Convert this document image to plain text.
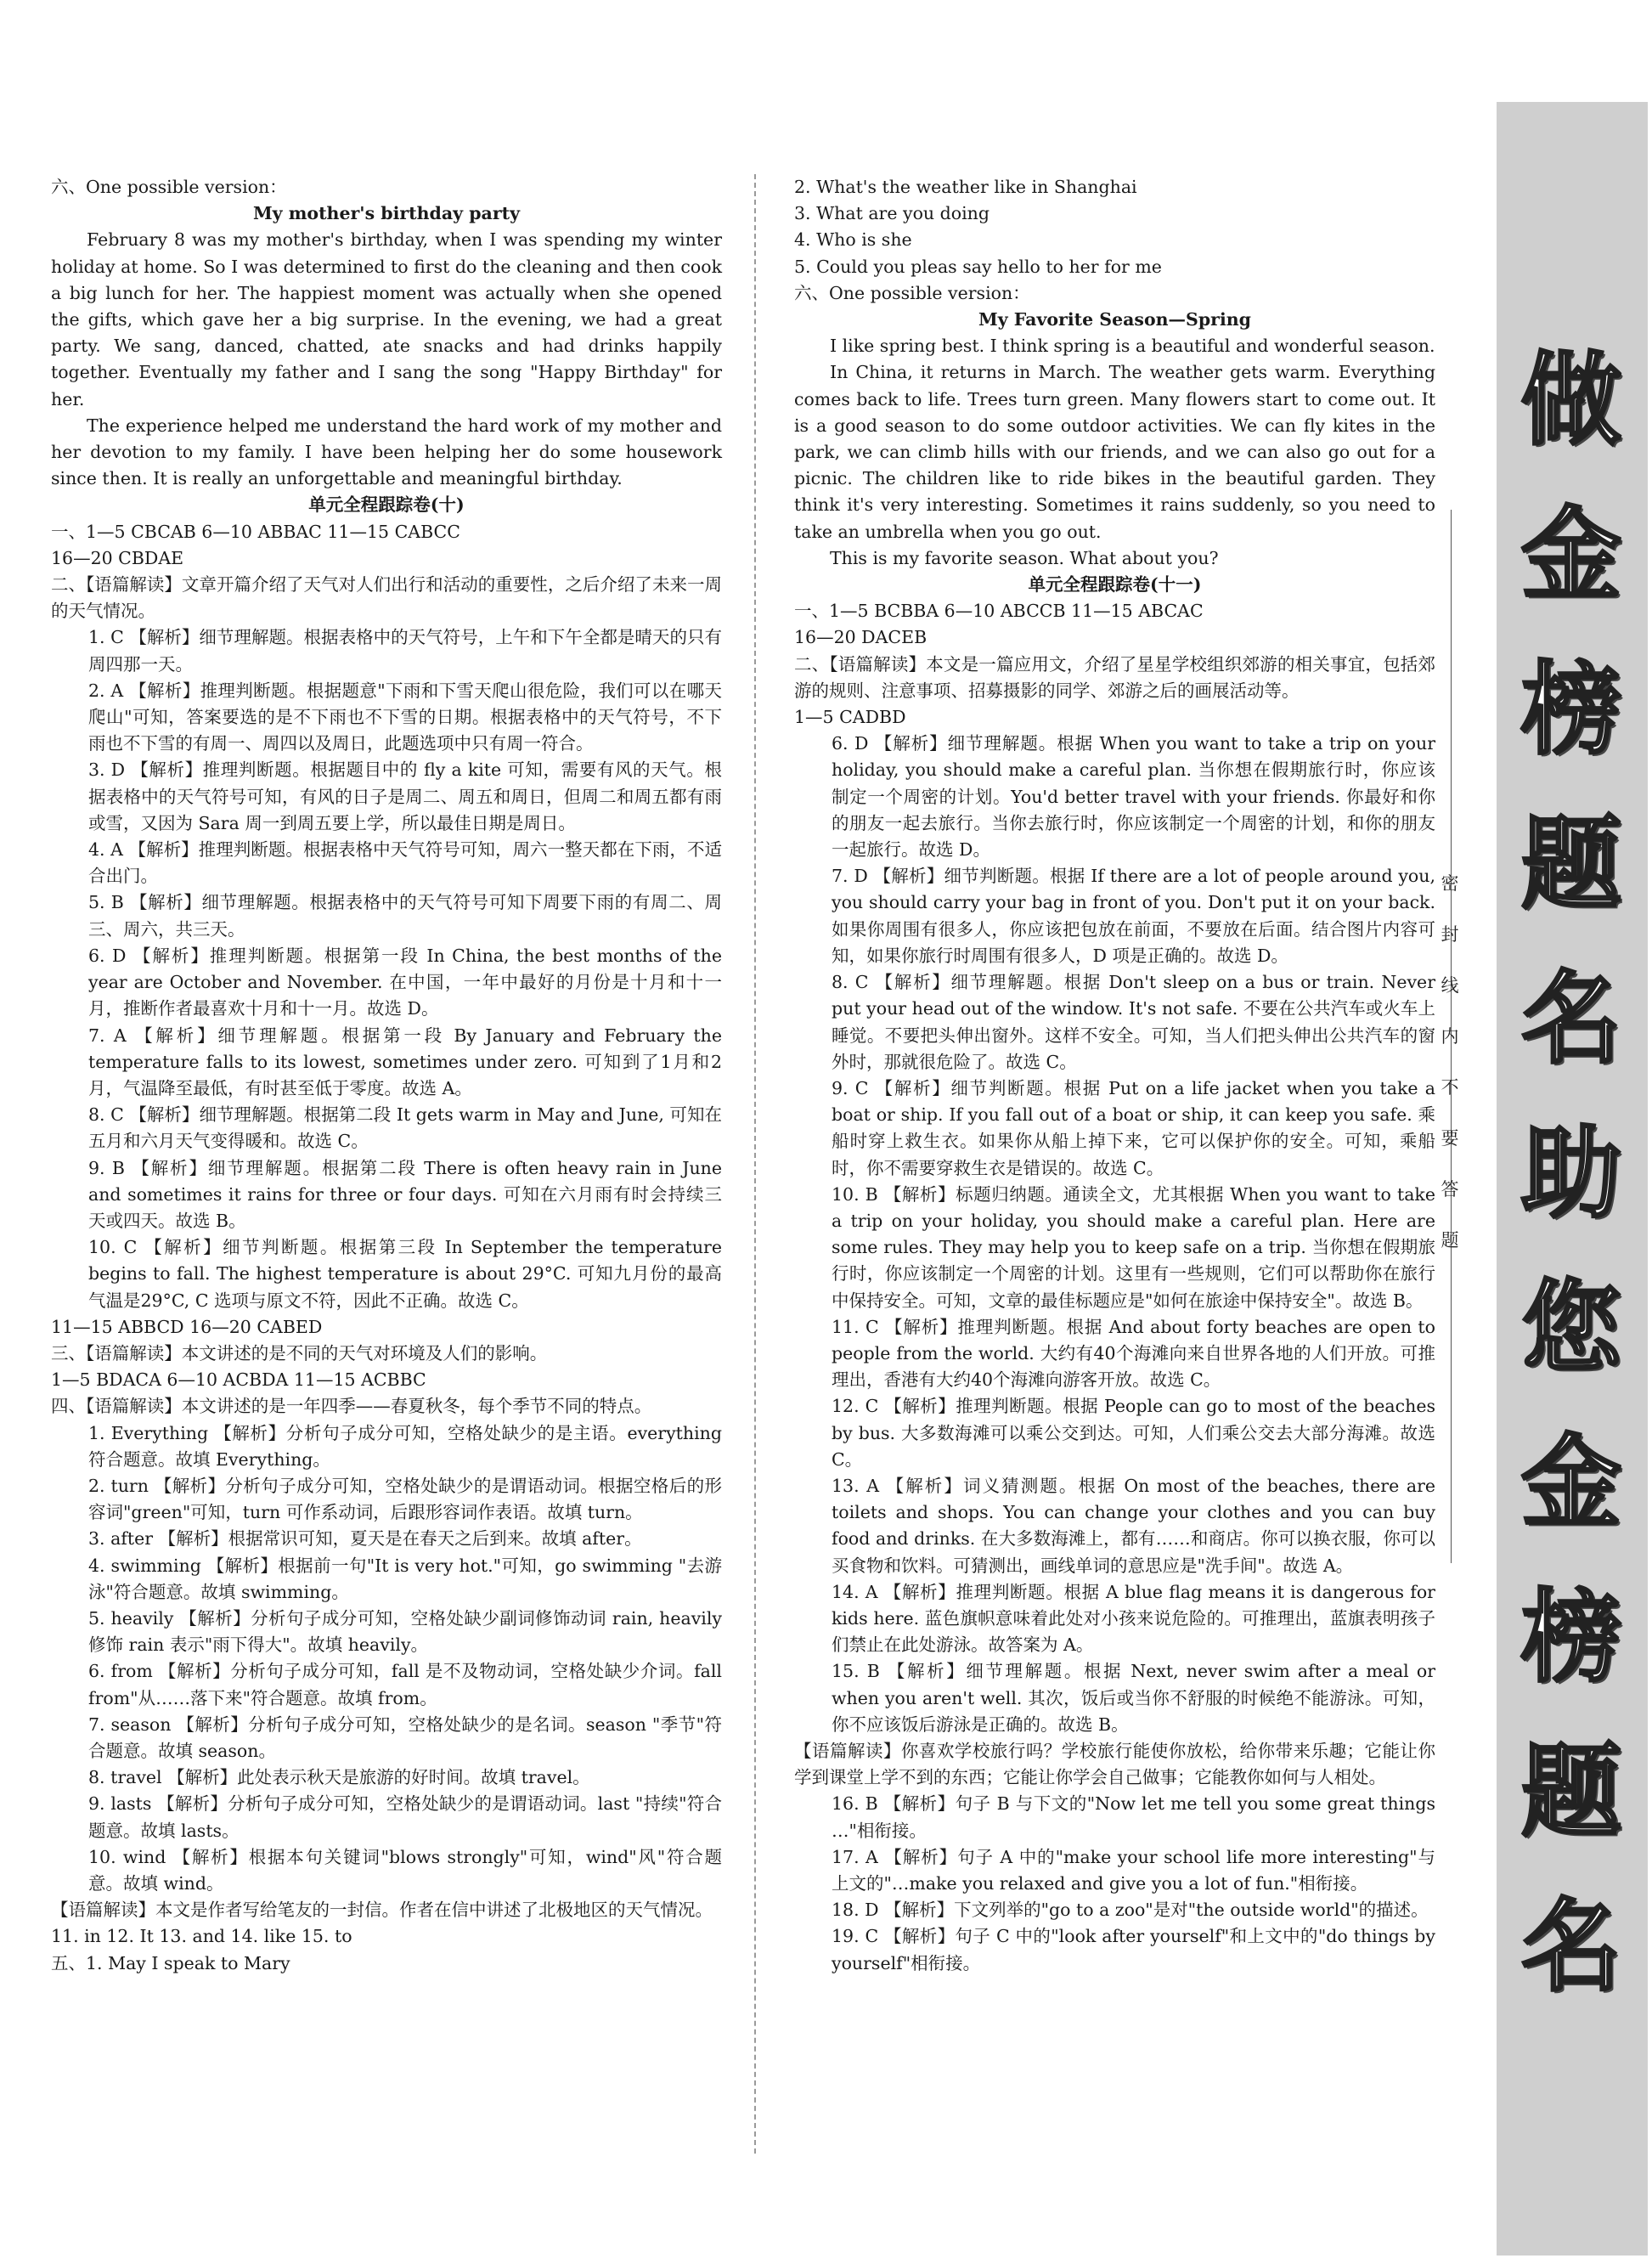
六、One possible version：
My mother's birthday party
February 8 was my mother's birthday, when I was spending my winter holiday at home. So I was determined to first do the cleaning and then cook a big lunch for her. The happiest moment was actually when she opened the gifts, which gave her a big surprise. In the evening, we had a great party. We sang, danced, chatted, ate snacks and had drinks happily together. Eventually my father and I sang the song "Happy Birthday" for her.
The experience helped me understand the hard work of my mother and her devotion to my family. I have been helping her do some housework since then. It is really an unforgettable and meaningful birthday.
单元全程跟踪卷(十)
一、1—5 CBCAB 6—10 ABBAC 11—15 CABCC
16—20 CBDAE
二、【语篇解读】文章开篇介绍了天气对人们出行和活动的重要性，之后介绍了未来一周的天气情况。
1. C 【解析】细节理解题。根据表格中的天气符号，上午和下午全都是晴天的只有周四那一天。
2. A 【解析】推理判断题。根据题意"下雨和下雪天爬山很危险，我们可以在哪天爬山"可知，答案要选的是不下雨也不下雪的日期。根据表格中的天气符号，不下雨也不下雪的有周一、周四以及周日，此题选项中只有周一符合。
3. D 【解析】推理判断题。根据题目中的 fly a kite 可知，需要有风的天气。根据表格中的天气符号可知，有风的日子是周二、周五和周日，但周二和周五都有雨或雪，又因为 Sara 周一到周五要上学，所以最佳日期是周日。
4. A 【解析】推理判断题。根据表格中天气符号可知，周六一整天都在下雨，不适合出门。
5. B 【解析】细节理解题。根据表格中的天气符号可知下周要下雨的有周二、周三、周六，共三天。
6. D 【解析】推理判断题。根据第一段 In China, the best months of the year are October and November. 在中国，一年中最好的月份是十月和十一月，推断作者最喜欢十月和十一月。故选 D。
7. A 【解析】细节理解题。根据第一段 By January and February the temperature falls to its lowest, sometimes under zero. 可知到了1月和2月，气温降至最低，有时甚至低于零度。故选 A。
8. C 【解析】细节理解题。根据第二段 It gets warm in May and June, 可知在五月和六月天气变得暖和。故选 C。
9. B 【解析】细节理解题。根据第二段 There is often heavy rain in June and sometimes it rains for three or four days. 可知在六月雨有时会持续三天或四天。故选 B。
10. C 【解析】细节判断题。根据第三段 In September the temperature begins to fall. The highest temperature is about 29°C. 可知九月份的最高气温是29°C, C 选项与原文不符，因此不正确。故选 C。
11—15 ABBCD 16—20 CABED
三、【语篇解读】本文讲述的是不同的天气对环境及人们的影响。
1—5 BDACA 6—10 ACBDA 11—15 ACBBC
四、【语篇解读】本文讲述的是一年四季——春夏秋冬，每个季节不同的特点。
1. Everything 【解析】分析句子成分可知，空格处缺少的是主语。everything 符合题意。故填 Everything。
2. turn 【解析】分析句子成分可知，空格处缺少的是谓语动词。根据空格后的形容词"green"可知，turn 可作系动词，后跟形容词作表语。故填 turn。
3. after 【解析】根据常识可知，夏天是在春天之后到来。故填 after。
4. swimming 【解析】根据前一句"It is very hot."可知，go swimming "去游泳"符合题意。故填 swimming。
5. heavily 【解析】分析句子成分可知，空格处缺少副词修饰动词 rain, heavily 修饰 rain 表示"雨下得大"。故填 heavily。
6. from 【解析】分析句子成分可知，fall 是不及物动词，空格处缺少介词。fall from"从……落下来"符合题意。故填 from。
7. season 【解析】分析句子成分可知，空格处缺少的是名词。season "季节"符合题意。故填 season。
8. travel 【解析】此处表示秋天是旅游的好时间。故填 travel。
9. lasts 【解析】分析句子成分可知，空格处缺少的是谓语动词。last "持续"符合题意。故填 lasts。
10. wind 【解析】根据本句关键词"blows strongly"可知，wind"风"符合题意。故填 wind。
【语篇解读】本文是作者写给笔友的一封信。作者在信中讲述了北极地区的天气情况。
11. in 12. It 13. and 14. like 15. to
五、1. May I speak to Mary
2. What's the weather like in Shanghai
3. What are you doing
4. Who is she
5. Could you pleas say hello to her for me
六、One possible version：
My Favorite Season—Spring
I like spring best. I think spring is a beautiful and wonderful season.
In China, it returns in March. The weather gets warm. Everything comes back to life. Trees turn green. Many flowers start to come out. It is a good season to do some outdoor activities. We can fly kites in the park, we can climb hills with our friends, and we can also go out for a picnic. The children like to ride bikes in the beautiful garden. They think it's very interesting. Sometimes it rains suddenly, so you need to take an umbrella when you go out.
This is my favorite season. What about you?
单元全程跟踪卷(十一)
一、1—5 BCBBA 6—10 ABCCB 11—15 ABCAC
16—20 DACEB
二、【语篇解读】本文是一篇应用文，介绍了星星学校组织郊游的相关事宜，包括郊游的规则、注意事项、招募摄影的同学、郊游之后的画展活动等。
1—5 CADBD
6. D 【解析】细节理解题。根据 When you want to take a trip on your holiday, you should make a careful plan. 当你想在假期旅行时，你应该制定一个周密的计划。You'd better travel with your friends. 你最好和你的朋友一起去旅行。当你去旅行时，你应该制定一个周密的计划，和你的朋友一起旅行。故选 D。
7. D 【解析】细节判断题。根据 If there are a lot of people around you, you should carry your bag in front of you. Don't put it on your back. 如果你周围有很多人，你应该把包放在前面，不要放在后面。结合图片内容可知，如果你旅行时周围有很多人，D 项是正确的。故选 D。
8. C 【解析】细节理解题。根据 Don't sleep on a bus or train. Never put your head out of the window. It's not safe. 不要在公共汽车或火车上睡觉。不要把头伸出窗外。这样不安全。可知，当人们把头伸出公共汽车的窗外时，那就很危险了。故选 C。
9. C 【解析】细节判断题。根据 Put on a life jacket when you take a boat or ship. If you fall out of a boat or ship, it can keep you safe. 乘船时穿上救生衣。如果你从船上掉下来，它可以保护你的安全。可知，乘船时，你不需要穿救生衣是错误的。故选 C。
10. B 【解析】标题归纳题。通读全文，尤其根据 When you want to take a trip on your holiday, you should make a careful plan. Here are some rules. They may help you to keep safe on a trip. 当你想在假期旅行时，你应该制定一个周密的计划。这里有一些规则，它们可以帮助你在旅行中保持安全。可知，文章的最佳标题应是"如何在旅途中保持安全"。故选 B。
11. C 【解析】推理判断题。根据 And about forty beaches are open to people from the world. 大约有40个海滩向来自世界各地的人们开放。可推理出，香港有大约40个海滩向游客开放。故选 C。
12. C 【解析】推理判断题。根据 People can go to most of the beaches by bus. 大多数海滩可以乘公交到达。可知，人们乘公交去大部分海滩。故选 C。
13. A 【解析】词义猜测题。根据 On most of the beaches, there are toilets and shops. You can change your clothes and you can buy food and drinks. 在大多数海滩上，都有……和商店。你可以换衣服，你可以买食物和饮料。可猜测出，画线单词的意思应是"洗手间"。故选 A。
14. A 【解析】推理判断题。根据 A blue flag means it is dangerous for kids here. 蓝色旗帜意味着此处对小孩来说危险的。可推理出，蓝旗表明孩子们禁止在此处游泳。故答案为 A。
15. B 【解析】细节理解题。根据 Next, never swim after a meal or when you aren't well. 其次，饭后或当你不舒服的时候绝不能游泳。可知，你不应该饭后游泳是正确的。故选 B。
【语篇解读】你喜欢学校旅行吗？学校旅行能使你放松，给你带来乐趣；它能让你学到课堂上学不到的东西；它能让你学会自己做事；它能教你如何与人相处。
16. B 【解析】句子 B 与下文的"Now let me tell you some great things …"相衔接。
17. A 【解析】句子 A 中的"make your school life more interesting"与上文的"…make you relaxed and give you a lot of fun."相衔接。
18. D 【解析】下文列举的"go to a zoo"是对"the outside world"的描述。
19. C 【解析】句子 C 中的"look after yourself"和上文中的"do things by yourself"相衔接。
做金榜题名助您金榜题名
密封线内不要答题
